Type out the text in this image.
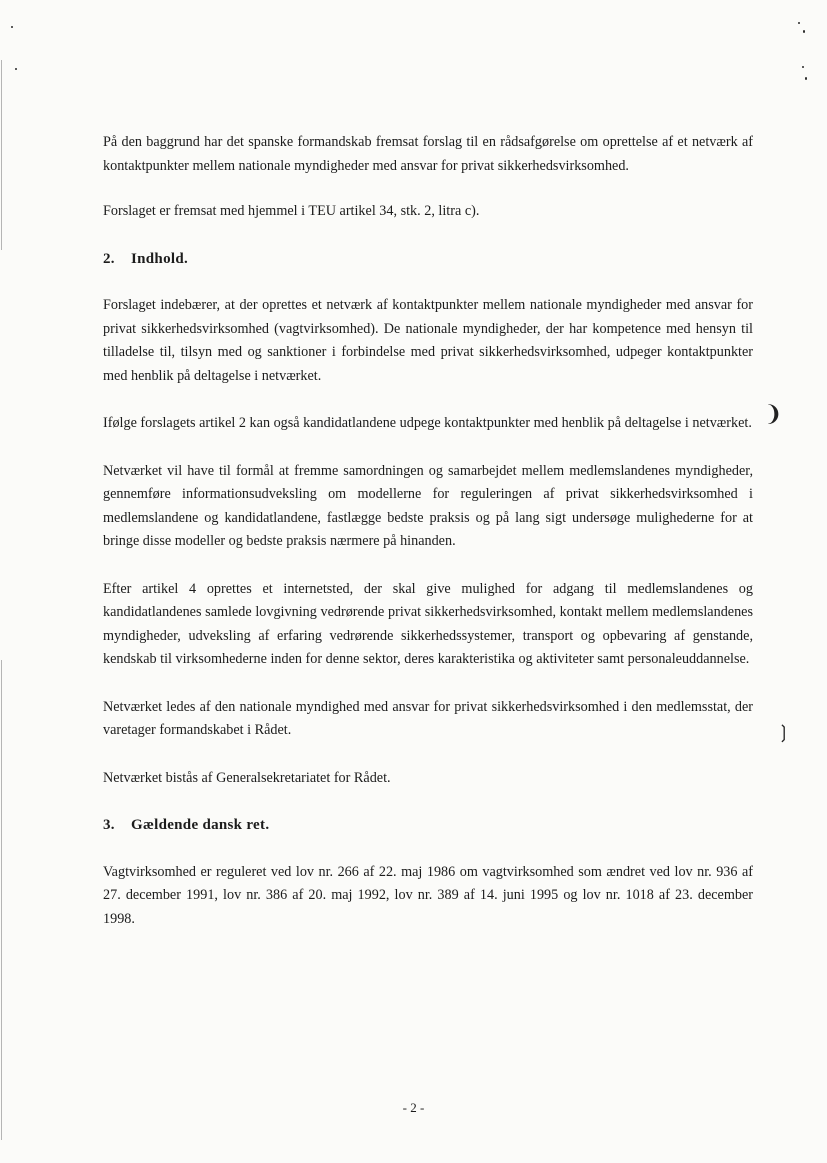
❩
❳

På den baggrund har det spanske formandskab fremsat forslag til en rådsafgørelse om oprettelse af et netværk af kontaktpunkter mellem nationale myndigheder med ansvar for privat sikkerhedsvirksomhed.

Forslaget er fremsat med hjemmel i TEU artikel 34, stk. 2, litra c).

2. Indhold.

Forslaget indebærer, at der oprettes et netværk af kontaktpunkter mellem nationale myndigheder med ansvar for privat sikkerhedsvirksomhed (vagtvirksomhed). De nationale myndigheder, der har kompetence med hensyn til tilladelse til, tilsyn med og sanktioner i forbindelse med privat sikkerhedsvirksomhed, udpeger kontaktpunkter med henblik på deltagelse i netværket.

Ifølge forslagets artikel 2 kan også kandidatlandene udpege kontaktpunkter med henblik på deltagelse i netværket.

Netværket vil have til formål at fremme samordningen og samarbejdet mellem medlemslandenes myndigheder, gennemføre informationsudveksling om modellerne for reguleringen af privat sikkerhedsvirksomhed i medlemslandene og kandidatlandene, fastlægge bedste praksis og på lang sigt undersøge mulighederne for at bringe disse modeller og bedste praksis nærmere på hinanden.

Efter artikel 4 oprettes et internetsted, der skal give mulighed for adgang til medlemslandenes og kandidatlandenes samlede lovgivning vedrørende privat sikkerhedsvirksomhed, kontakt mellem medlemslandenes myndigheder, udveksling af erfaring vedrørende sikkerhedssystemer, transport og opbevaring af genstande, kendskab til virksomhederne inden for denne sektor, deres karakteristika og aktiviteter samt personaleuddannelse.

Netværket ledes af den nationale myndighed med ansvar for privat sikkerhedsvirksomhed i den medlemsstat, der varetager formandskabet i Rådet.

Netværket bistås af Generalsekretariatet for Rådet.

3. Gældende dansk ret.

Vagtvirksomhed er reguleret ved lov nr. 266 af 22. maj 1986 om vagtvirksomhed som ændret ved lov nr. 936 af 27. december 1991, lov nr. 386 af 20. maj 1992, lov nr. 389 af 14. juni 1995 og lov nr. 1018 af 23. december 1998.

- 2 -
